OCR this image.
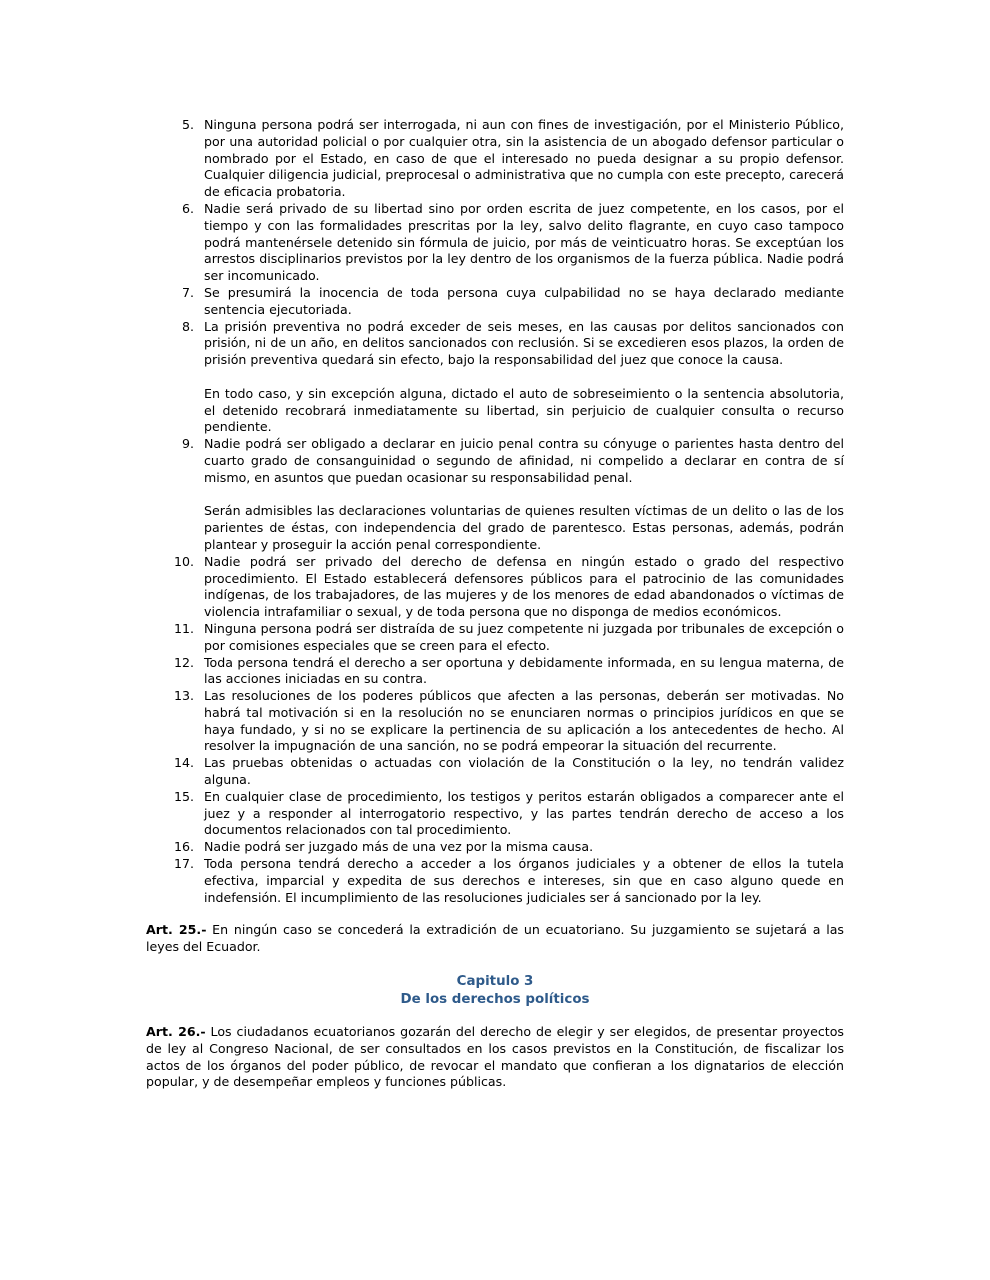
5. Ninguna persona podrá ser interrogada, ni aun con fines de investigación, por el Ministerio Público, por una autoridad policial o por cualquier otra, sin la asistencia de un abogado defensor particular o nombrado por el Estado, en caso de que el interesado no pueda designar a su propio defensor. Cualquier diligencia judicial, preprocesal o administrativa que no cumpla con este precepto, carecerá de eficacia probatoria.
6. Nadie será privado de su libertad sino por orden escrita de juez competente, en los casos, por el tiempo y con las formalidades prescritas por la ley, salvo delito flagrante, en cuyo caso tampoco podrá mantenérsele detenido sin fórmula de juicio, por más de veinticuatro horas. Se exceptúan los arrestos disciplinarios previstos por la ley dentro de los organismos de la fuerza pública. Nadie podrá ser incomunicado.
7. Se presumirá la inocencia de toda persona cuya culpabilidad no se haya declarado mediante sentencia ejecutoriada.
8. La prisión preventiva no podrá exceder de seis meses, en las causas por delitos sancionados con prisión, ni de un año, en delitos sancionados con reclusión. Si se excedieren esos plazos, la orden de prisión preventiva quedará sin efecto, bajo la responsabilidad del juez que conoce la causa.
En todo caso, y sin excepción alguna, dictado el auto de sobreseimiento o la sentencia absolutoria, el detenido recobrará inmediatamente su libertad, sin perjuicio de cualquier consulta o recurso pendiente.
9. Nadie podrá ser obligado a declarar en juicio penal contra su cónyuge o parientes hasta dentro del cuarto grado de consanguinidad o segundo de afinidad, ni compelido a declarar en contra de sí mismo, en asuntos que puedan ocasionar su responsabilidad penal.
Serán admisibles las declaraciones voluntarias de quienes resulten víctimas de un delito o las de los parientes de éstas, con independencia del grado de parentesco. Estas personas, además, podrán plantear y proseguir la acción penal correspondiente.
10. Nadie podrá ser privado del derecho de defensa en ningún estado o grado del respectivo procedimiento. El Estado establecerá defensores públicos para el patrocinio de las comunidades indígenas, de los trabajadores, de las mujeres y de los menores de edad abandonados o víctimas de violencia intrafamiliar o sexual, y de toda persona que no disponga de medios económicos.
11. Ninguna persona podrá ser distraída de su juez competente ni juzgada por tribunales de excepción o por comisiones especiales que se creen para el efecto.
12. Toda persona tendrá el derecho a ser oportuna y debidamente informada, en su lengua materna, de las acciones iniciadas en su contra.
13. Las resoluciones de los poderes públicos que afecten a las personas, deberán ser motivadas. No habrá tal motivación si en la resolución no se enunciaren normas o principios jurídicos en que se haya fundado, y si no se explicare la pertinencia de su aplicación a los antecedentes de hecho. Al resolver la impugnación de una sanción, no se podrá empeorar la situación del recurrente.
14. Las pruebas obtenidas o actuadas con violación de la Constitución o la ley, no tendrán validez alguna.
15. En cualquier clase de procedimiento, los testigos y peritos estarán obligados a comparecer ante el juez y a responder al interrogatorio respectivo, y las partes tendrán derecho de acceso a los documentos relacionados con tal procedimiento.
16. Nadie podrá ser juzgado más de una vez por la misma causa.
17. Toda persona tendrá derecho a acceder a los órganos judiciales y a obtener de ellos la tutela efectiva, imparcial y expedita de sus derechos e intereses, sin que en caso alguno quede en indefensión. El incumplimiento de las resoluciones judiciales ser á sancionado por la ley.

Art. 25.- En ningún caso se concederá la extradición de un ecuatoriano. Su juzgamiento se sujetará a las leyes del Ecuador.

Capitulo 3
De los derechos políticos

Art. 26.- Los ciudadanos ecuatorianos gozarán del derecho de elegir y ser elegidos, de presentar proyectos de ley al Congreso Nacional, de ser consultados en los casos previstos en la Constitución, de fiscalizar los actos de los órganos del poder público, de revocar el mandato que confieran a los dignatarios de elección popular, y de desempeñar empleos y funciones públicas.
